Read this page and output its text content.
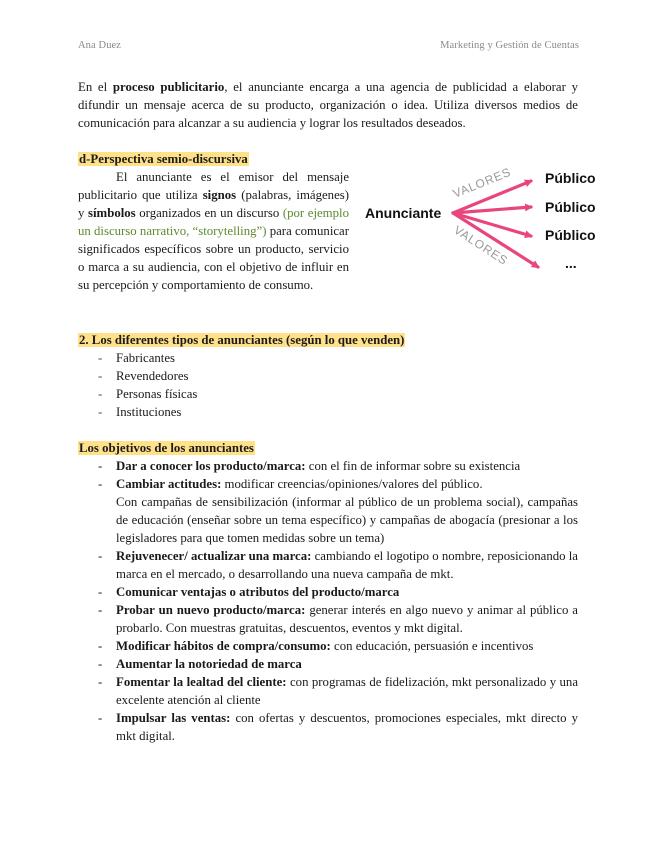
Ana Duez	Marketing y Gestión de Cuentas

En el proceso publicitario, el anunciante encarga a una agencia de publicidad a elaborar y difundir un mensaje acerca de su producto, organización o idea. Utiliza diversos medios de comunicación para alcanzar a su audiencia y lograr los resultados deseados.

d-Perspectiva semio-discursiva

El anunciante es el emisor del mensaje publicitario que utiliza signos (palabras, imágenes) y símbolos organizados en un discurso (por ejemplo un discurso narrativo, “storytelling”) para comunicar significados específicos sobre un producto, servicio o marca a su audiencia, con el objetivo de influir en su percepción y comportamiento de consumo.

Anunciante
VALORES
VALORES
Público
Público
Público
...

2. Los diferentes tipos de anunciantes (según lo que venden)

- Fabricantes
- Revendedores
- Personas físicas
- Instituciones

Los objetivos de los anunciantes

- Dar a conocer los producto/marca: con el fin de informar sobre su existencia
- Cambiar actitudes: modificar creencias/opiniones/valores del público.
Con campañas de sensibilización (informar al público de un problema social), campañas de educación (enseñar sobre un tema específico) y campañas de abogacía (presionar a los legisladores para que tomen medidas sobre un tema)
- Rejuvenecer/ actualizar una marca: cambiando el logotipo o nombre, reposicionando la marca en el mercado, o desarrollando una nueva campaña de mkt.
- Comunicar ventajas o atributos del producto/marca
- Probar un nuevo producto/marca: generar interés en algo nuevo y animar al público a probarlo. Con muestras gratuitas, descuentos, eventos y mkt digital.
- Modificar hábitos de compra/consumo: con educación, persuasión e incentivos
- Aumentar la notoriedad de marca
- Fomentar la lealtad del cliente: con programas de fidelización, mkt personalizado y una excelente atención al cliente
- Impulsar las ventas: con ofertas y descuentos, promociones especiales, mkt directo y mkt digital.
